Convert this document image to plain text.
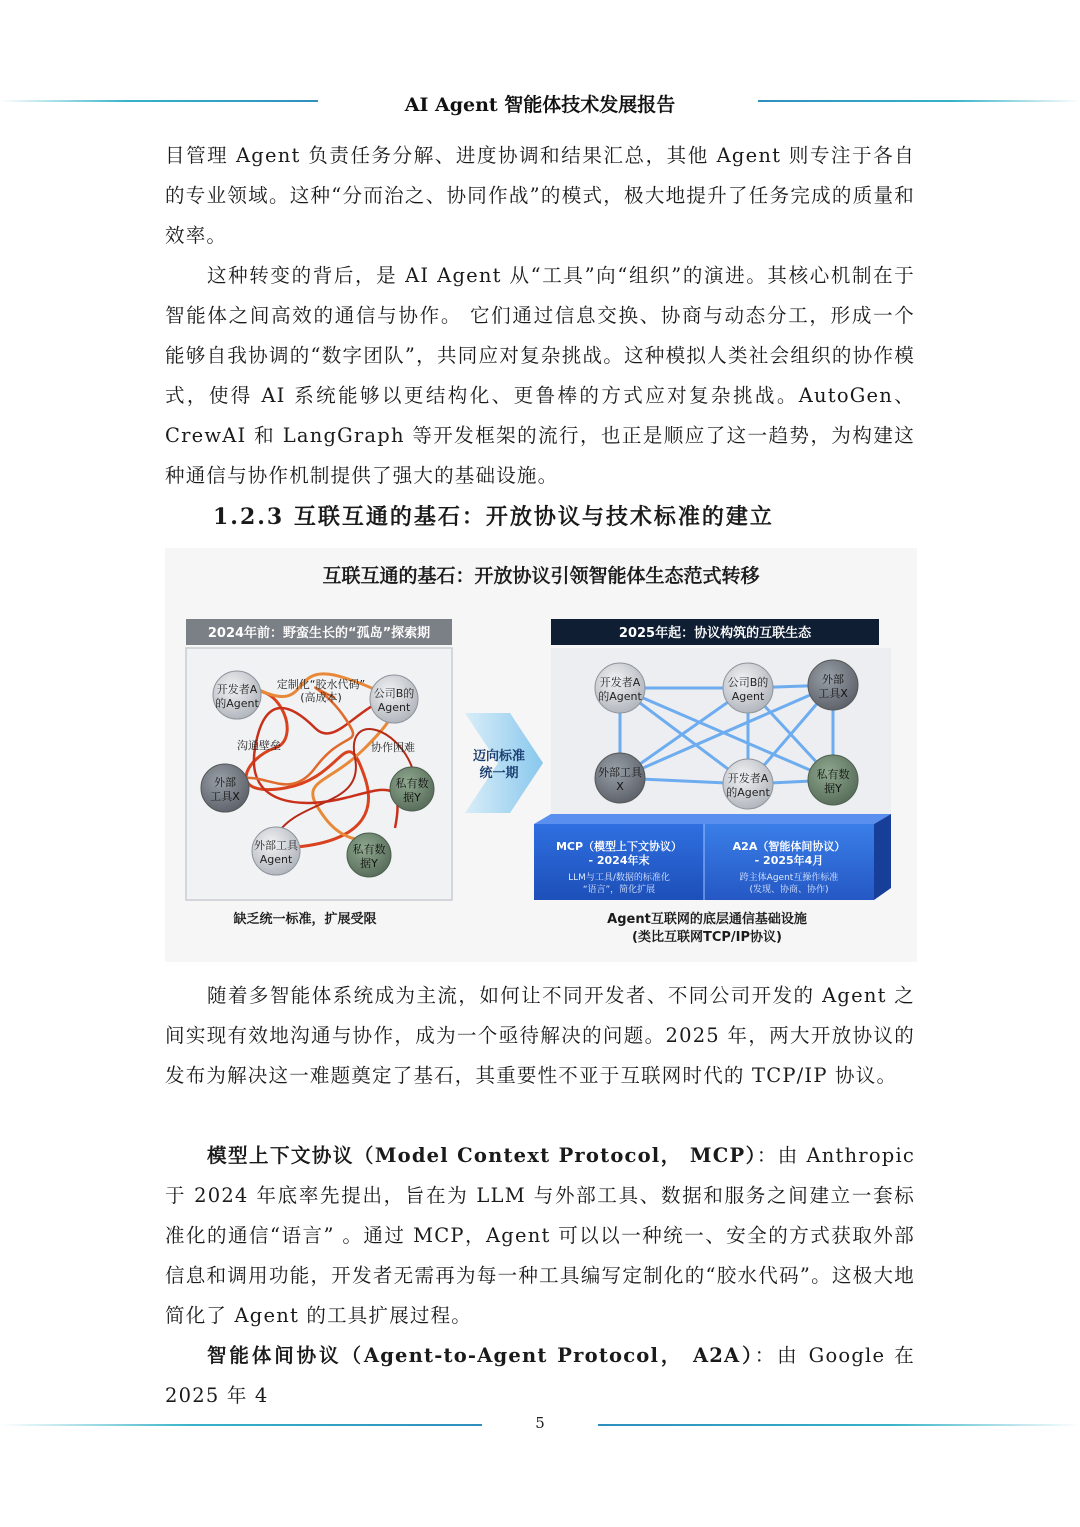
AI Agent 智能体技术发展报告

目管理 Agent 负责任务分解、进度协调和结果汇总，其他 Agent 则专注于各自的专业领域。这种“分而治之、协同作战”的模式，极大地提升了任务完成的质量和效率。

这种转变的背后，是 AI Agent 从“工具”向“组织”的演进。其核心机制在于智能体之间高效的通信与协作。 它们通过信息交换、协商与动态分工，形成一个能够自我协调的“数字团队”，共同应对复杂挑战。这种模拟人类社会组织的协作模式，使得 AI 系统能够以更结构化、更鲁棒的方式应对复杂挑战。AutoGen、CrewAI 和 LangGraph 等开发框架的流行，也正是顺应了这一趋势，为构建这种通信与协作机制提供了强大的基础设施。

1.2.3 互联互通的基石：开放协议与技术标准的建立
互联互通的基石：开放协议引领智能体生态范式转移
2024年前：野蛮生长的“孤岛”探索期
开发者A
的Agent
公司B的
Agent
外部
工具X
私有数
据Y
外部工具
Agent
私有数
据Y
定制化“胶水代码”
(高成本)
沟通壁垒	协作困难
缺乏统一标准，扩展受限
迈向标准
统一期
2025年起：协议构筑的互联生态
开发者A
的Agent
公司B的
Agent
外部
工具X
外部工具
X
开发者A
的Agent
私有数
据Y
MCP（模型上下文协议）
- 2024年末
LLM与工具/数据的标准化
“语言”，简化扩展
A2A（智能体间协议）
- 2025年4月
跨主体Agent互操作标准
(发现、协商、协作)
Agent互联网的底层通信基础设施
(类比互联网TCP/IP协议)

随着多智能体系统成为主流，如何让不同开发者、不同公司开发的 Agent 之间实现有效地沟通与协作，成为一个亟待解决的问题。2025 年，两大开放协议的发布为解决这一难题奠定了基石，其重要性不亚于互联网时代的 TCP/IP 协议。

模型上下文协议（Model Context Protocol， MCP）：由 Anthropic 于 2024 年底率先提出，旨在为 LLM 与外部工具、数据和服务之间建立一套标准化的通信“语言” 。通过 MCP，Agent 可以以一种统一、安全的方式获取外部信息和调用功能，开发者无需再为每一种工具编写定制化的“胶水代码”。这极大地简化了 Agent 的工具扩展过程。

智能体间协议（Agent-to-Agent Protocol， A2A）：由 Google 在 2025 年 4

5
